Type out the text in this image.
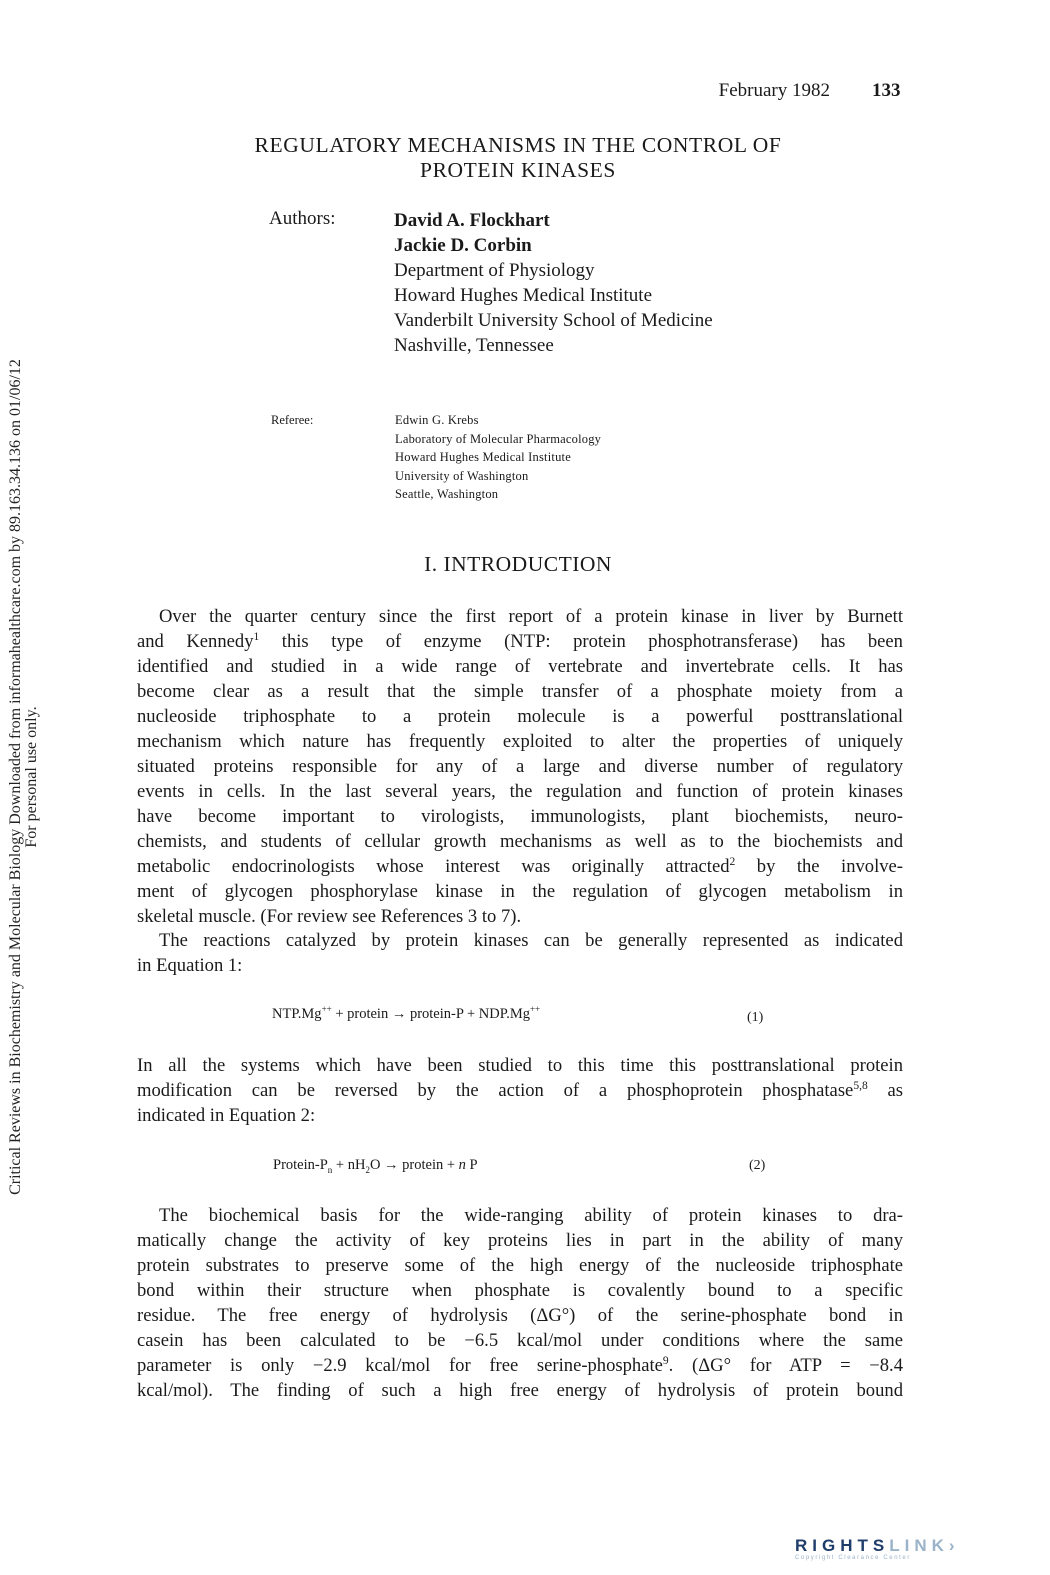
February 1982 133
REGULATORY MECHANISMS IN THE CONTROL OF
PROTEIN KINASES
Authors:	David A. Flockhart
Jackie D. Corbin
Department of Physiology
Howard Hughes Medical Institute
Vanderbilt University School of Medicine
Nashville, Tennessee
Referee:	Edwin G. Krebs
Laboratory of Molecular Pharmacology
Howard Hughes Medical Institute
University of Washington
Seattle, Washington
I. INTRODUCTION
Over the quarter century since the first report of a protein kinase in liver by Burnett
and Kennedy$^1$ this type of enzyme (NTP: protein phosphotransferase) has been
identified and studied in a wide range of vertebrate and invertebrate cells. It has
become clear as a result that the simple transfer of a phosphate moiety from a
nucleoside triphosphate to a protein molecule is a powerful posttranslational
mechanism which nature has frequently exploited to alter the properties of uniquely
situated proteins responsible for any of a large and diverse number of regulatory
events in cells. In the last several years, the regulation and function of protein kinases
have become important to virologists, immunologists, plant biochemists, neuro-
chemists, and students of cellular growth mechanisms as well as to the biochemists and
metabolic endocrinologists whose interest was originally attracted$^2$ by the involve-
ment of glycogen phosphorylase kinase in the regulation of glycogen metabolism in
skeletal muscle. (For review see References 3 to 7).
The reactions catalyzed by protein kinases can be generally represented as indicated
in Equation 1:
NTP.Mg++ + protein → protein-P + NDP.Mg++
(1)
In all the systems which have been studied to this time this posttranslational protein
modification can be reversed by the action of a phosphoprotein phosphatase$^{5,8}$ as
indicated in Equation 2:
Protein-$P_n + nH_2O$ → protein + n P	(2)
The biochemical basis for the wide-ranging ability of protein kinases to dra-
matically change the activity of key proteins lies in part in the ability of many
protein substrates to preserve some of the high energy of the nucleoside triphosphate
bond within their structure when phosphate is covalently bound to a specific
residue. The free energy of hydrolysis (ΔG°) of the serine-phosphate bond in
casein has been calculated to be −6.5 kcal/mol under conditions where the same
parameter is only −2.9 kcal/mol for free serine-phosphate$^9$. (ΔG° for ATP = −8.4
kcal/mol). The finding of such a high free energy of hydrolysis of protein bound
Critical Reviews in Biochemistry and Molecular Biology Downloaded from informahealthcare.com by 89.163.34.136 on 01/06/12 For personal use only.
RIGHTSLINK›
Copyright Clearance Center
